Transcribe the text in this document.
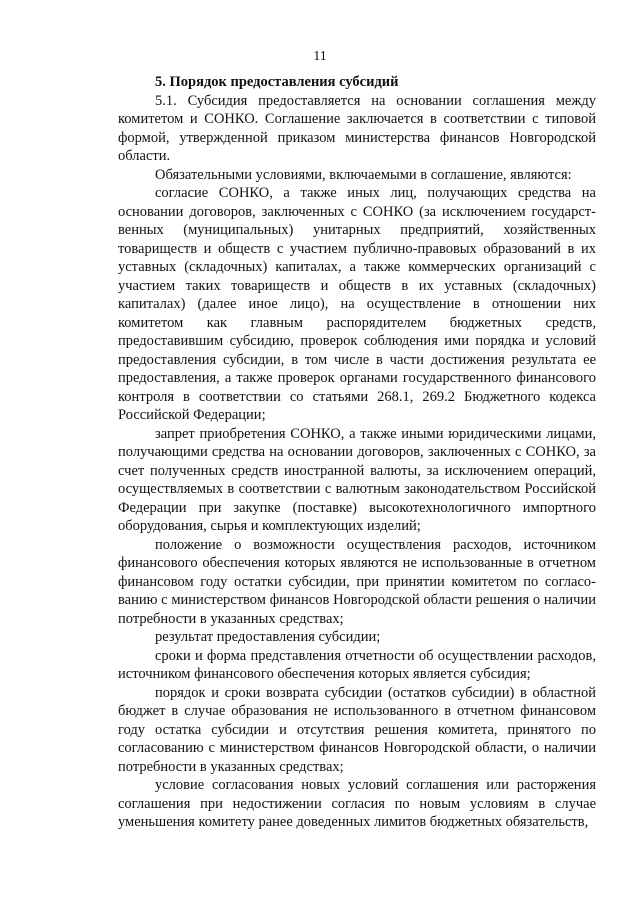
11

5. Порядок предоставления субсидий

5.1. Субсидия предоставляется на основании соглашения между комитетом и СОНКО. Соглашение заключается в соответствии с типовой формой, утвержденной приказом министерства финансов Новгородской области.

Обязательными условиями, включаемыми в соглашение, являются:

согласие СОНКО, а также иных лиц, получающих средства на основании договоров, заключенных с СОНКО (за исключением государственных (муниципальных) унитарных предприятий, хозяйственных товариществ и обществ с участием публично-правовых образований в их уставных (складочных) капиталах, а также коммерческих организаций с участием таких товариществ и обществ в их уставных (складочных) капиталах) (далее иное лицо), на осуществление в отношении них комитетом как главным распорядителем бюджетных средств, предоставившим субсидию, проверок соблюдения ими порядка и условий предоставления субсидии, в том числе в части достижения результата ее предоставления, а также проверок органами государственного финансового контроля в соответствии со статьями 268.1, 269.2 Бюджетного кодекса Российской Федерации;

запрет приобретения СОНКО, а также иными юридическими лицами, получающими средства на основании договоров, заключенных с СОНКО, за счет полученных средств иностранной валюты, за исключением операций, осуществляемых в соответствии с валютным законодательством Российской Федерации при закупке (поставке) высокотехнологичного импортного оборудования, сырья и комплектующих изделий;

положение о возможности осуществления расходов, источником финансового обеспечения которых являются не использованные в отчетном финансовом году остатки субсидии, при принятии комитетом по согласованию с министерством финансов Новгородской области решения о наличии потребности в указанных средствах;

результат предоставления субсидии;

сроки и форма представления отчетности об осуществлении расходов, источником финансового обеспечения которых является субсидия;

порядок и сроки возврата субсидии (остатков субсидии) в областной бюджет в случае образования не использованного в отчетном финансовом году остатка субсидии и отсутствия решения комитета, принятого по согласованию с министерством финансов Новгородской области, о наличии потребности в указанных средствах;

условие согласования новых условий соглашения или расторжения соглашения при недостижении согласия по новым условиям в случае уменьшения комитету ранее доведенных лимитов бюджетных обязательств,
